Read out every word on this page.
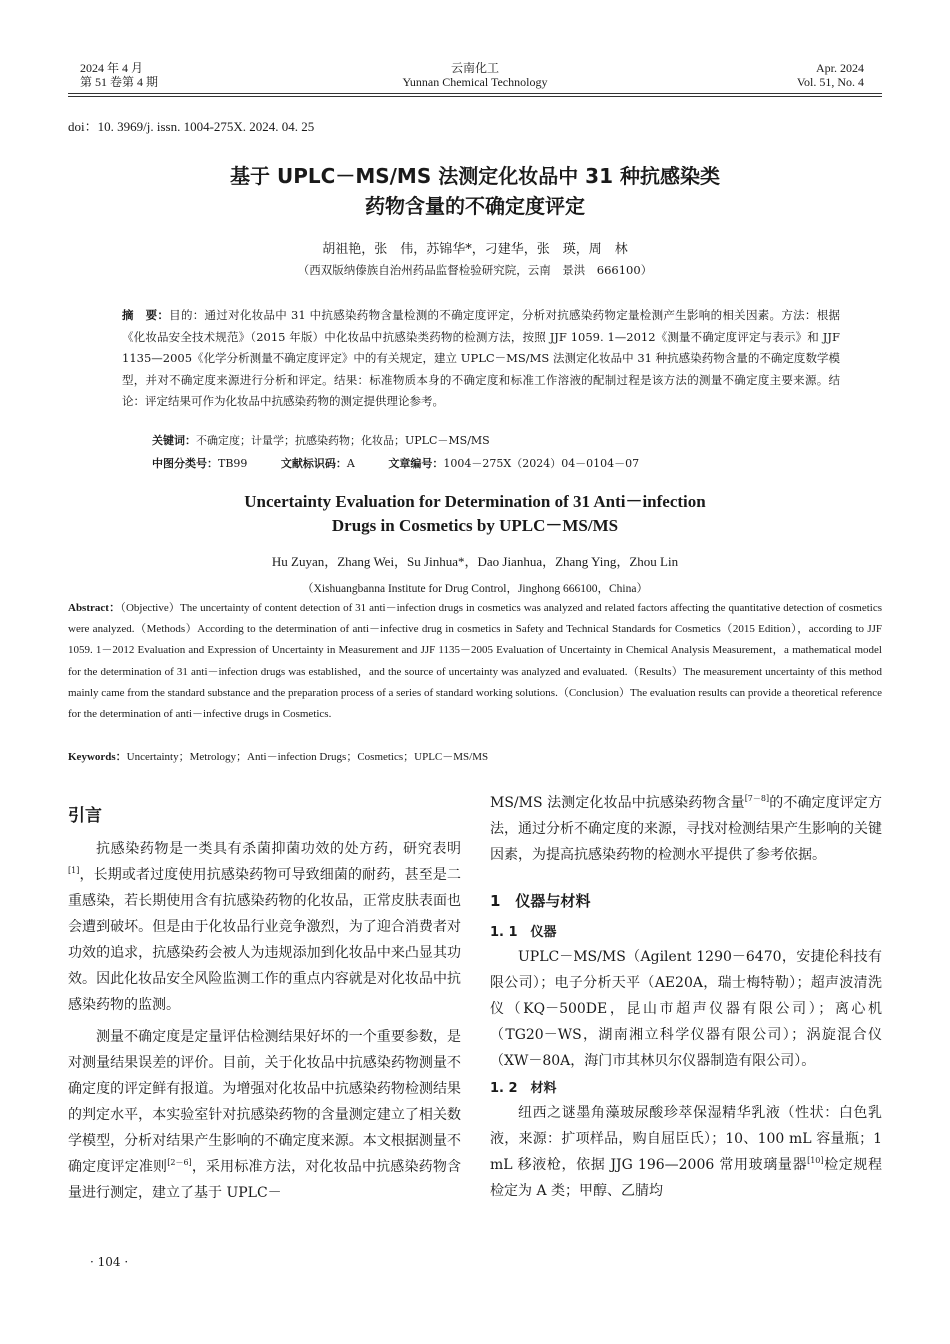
2024 年 4 月
第 51 卷第 4 期
云南化工
Yunnan Chemical Technology
Apr. 2024
Vol. 51, No. 4
doi：10. 3969/j. issn. 1004-275X. 2024. 04. 25
基于 UPLC－MS/MS 法测定化妆品中 31 种抗感染类
药物含量的不确定度评定
胡祖艳，张　伟，苏锦华*，刁建华，张　瑛，周　林
（西双版纳傣族自治州药品监督检验研究院，云南　景洪　666100）
摘　要：目的：通过对化妆品中 31 中抗感染药物含量检测的不确定度评定，分析对抗感染药物定量检测产生影响的相关因素。方法：根据《化妆品安全技术规范》（2015 年版）中化妆品中抗感染类药物的检测方法，按照 JJF 1059. 1—2012《测量不确定度评定与表示》和 JJF 1135—2005《化学分析测量不确定度评定》中的有关规定，建立 UPLC－MS/MS 法测定化妆品中 31 种抗感染药物含量的不确定度数学模型，并对不确定度来源进行分析和评定。结果：标准物质本身的不确定度和标准工作溶液的配制过程是该方法的测量不确定度主要来源。结论：评定结果可作为化妆品中抗感染药物的测定提供理论参考。
关键词：不确定度；计量学；抗感染药物；化妆品；UPLC－MS/MS
中图分类号：TB99	文献标识码：A	文章编号：1004－275X（2024）04－0104－07
Uncertainty Evaluation for Determination of 31 Anti－infection
Drugs in Cosmetics by UPLC－MS/MS
Hu Zuyan，Zhang Wei，Su Jinhua*，Dao Jianhua，Zhang Ying，Zhou Lin
（Xishuangbanna Institute for Drug Control，Jinghong 666100，China）
Abstract：（Objective）The uncertainty of content detection of 31 anti－infection drugs in cosmetics was analyzed and related factors affecting the quantitative detection of cosmetics were analyzed.（Methods）According to the determination of anti－infective drug in cosmetics in Safety and Technical Standards for Cosmetics（2015 Edition），according to JJF 1059. 1－2012 Evaluation and Expression of Uncertainty in Measurement and JJF 1135－2005 Evaluation of Uncertainty in Chemical Analysis Measurement，a mathematical model for the determination of 31 anti－infection drugs was established，and the source of uncertainty was analyzed and evaluated.（Results）The measurement uncertainty of this method mainly came from the standard substance and the preparation process of a series of standard working solutions.（Conclusion）The evaluation results can provide a theoretical reference for the determination of anti－infective drugs in Cosmetics.
Keywords：Uncertainty；Metrology；Anti－infection Drugs；Cosmetics；UPLC－MS/MS
引言

抗感染药物是一类具有杀菌抑菌功效的处方药，研究表明[1]，长期或者过度使用抗感染药物可导致细菌的耐药，甚至是二重感染，若长期使用含有抗感染药物的化妆品，正常皮肤表面也会遭到破坏。但是由于化妆品行业竞争激烈，为了迎合消费者对功效的追求，抗感染药会被人为违规添加到化妆品中来凸显其功效。因此化妆品安全风险监测工作的重点内容就是对化妆品中抗感染药物的监测。

测量不确定度是定量评估检测结果好坏的一个重要参数，是对测量结果误差的评价。目前，关于化妆品中抗感染药物测量不确定度的评定鲜有报道。为增强对化妆品中抗感染药物检测结果的判定水平，本实验室针对抗感染药物的含量测定建立了相关数学模型，分析对结果产生影响的不确定度来源。本文根据测量不确定度评定准则[2－6]，采用标准方法，对化妆品中抗感染药物含量进行测定，建立了基于 UPLC－

· 104 ·

MS/MS 法测定化妆品中抗感染药物含量[7－8]的不确定度评定方法，通过分析不确定度的来源，寻找对检测结果产生影响的关键因素，为提高抗感染药物的检测水平提供了参考依据。

1　仪器与材料
1. 1　仪器

UPLC－MS/MS（Agilent 1290－6470，安捷伦科技有限公司）；电子分析天平（AE20A，瑞士梅特勒）；超声波清洗仪（KQ－500DE，昆山市超声仪器有限公司）；离心机（TG20－WS，湖南湘立科学仪器有限公司）；涡旋混合仪（XW－80A，海门市其林贝尔仪器制造有限公司）。

1. 2　材料

纽西之谜墨角藻玻尿酸珍萃保湿精华乳液（性状：白色乳液，来源：扩项样品，购自屈臣氏）；10、100 mL 容量瓶；1 mL 移液枪，依据 JJG 196—2006 常用玻璃量器[10]检定规程检定为 A 类；甲醇、乙腈均
